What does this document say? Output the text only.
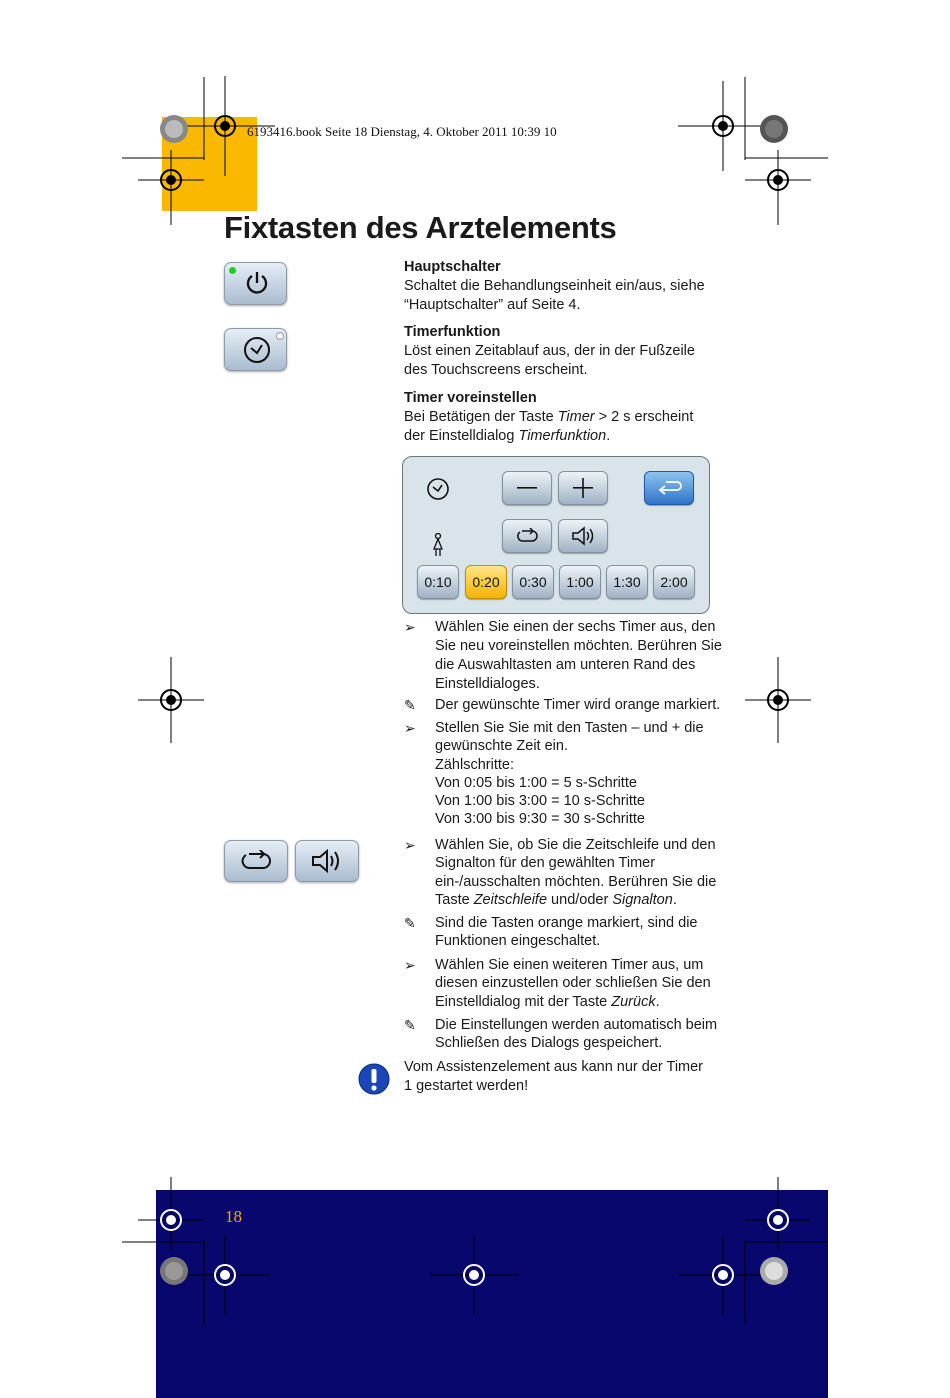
6193416.book Seite 18 Dienstag, 4. Oktober 2011 10:39 10
18
Fixtasten des Arztelements
Hauptschalter
Schaltet die Behandlungseinheit ein/aus, siehe “Hauptschalter” auf Seite 4.
Timerfunktion
Löst einen Zeitablauf aus, der in der Fußzeile des Touchscreens erscheint.
Timer voreinstellen
Bei Betätigen der Taste Timer > 2 s erscheint der Einstelldialog Timerfunktion.
0:10	0:20	0:30	1:00	1:30	2:00
➢	Wählen Sie einen der sechs Timer aus, den Sie neu voreinstellen möchten. Berühren Sie die Auswahltasten am unteren Rand des Einstelldialoges.
✎	Der gewünschte Timer wird orange markiert.
➢	Stellen Sie Sie mit den Tasten – und + die gewünschte Zeit ein.
Zählschritte:
Von 0:05 bis 1:00 = 5 s-Schritte
Von 1:00 bis 3:00 = 10 s-Schritte
Von 3:00 bis 9:30 = 30 s-Schritte
➢	Wählen Sie, ob Sie die Zeitschleife und den Signalton für den gewählten Timer ein-/ausschalten möchten. Berühren Sie die Taste Zeitschleife und/oder Signalton.
✎	Sind die Tasten orange markiert, sind die Funktionen eingeschaltet.
➢	Wählen Sie einen weiteren Timer aus, um diesen einzustellen oder schließen Sie den Einstelldialog mit der Taste Zurück.
✎	Die Einstellungen werden automatisch beim Schließen des Dialogs gespeichert.
Vom Assistenzelement aus kann nur der Timer 1 gestartet werden!
